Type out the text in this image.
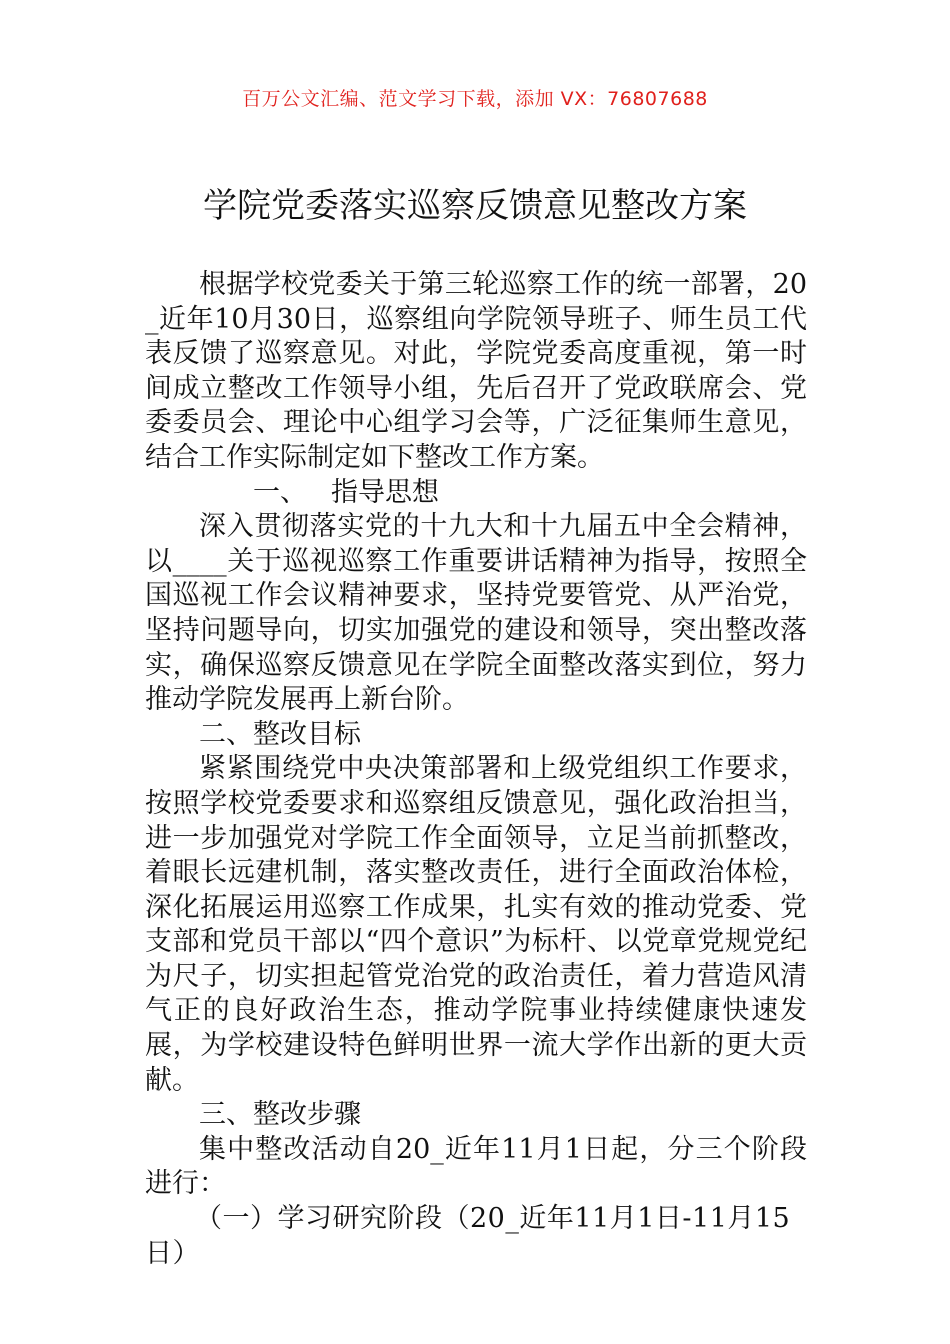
百万公文汇编、范文学习下载，添加 VX：76807688
学院党委落实巡察反馈意见整改方案

根据学校党委关于第三轮巡察工作的统一部署，20_近年10月30日，巡察组向学院领导班子、师生员工代表反馈了巡察意见。对此，学院党委高度重视，第一时间成立整改工作领导小组，先后召开了党政联席会、党委委员会、理论中心组学习会等，广泛征集师生意见，结合工作实际制定如下整改工作方案。

一、 指导思想

深入贯彻落实党的十九大和十九届五中全会精神，以____关于巡视巡察工作重要讲话精神为指导，按照全国巡视工作会议精神要求，坚持党要管党、从严治党，坚持问题导向，切实加强党的建设和领导，突出整改落实，确保巡察反馈意见在学院全面整改落实到位，努力推动学院发展再上新台阶。

二、整改目标

紧紧围绕党中央决策部署和上级党组织工作要求，按照学校党委要求和巡察组反馈意见，强化政治担当，进一步加强党对学院工作全面领导，立足当前抓整改，着眼长远建机制，落实整改责任，进行全面政治体检，深化拓展运用巡察工作成果，扎实有效的推动党委、党支部和党员干部以“四个意识”为标杆、以党章党规党纪为尺子，切实担起管党治党的政治责任，着力营造风清气正的良好政治生态，推动学院事业持续健康快速发展，为学校建设特色鲜明世界一流大学作出新的更大贡献。

三、整改步骤

集中整改活动自20_近年11月1日起，分三个阶段进行：

（一）学习研究阶段（20_近年11月1日-11月15日）
